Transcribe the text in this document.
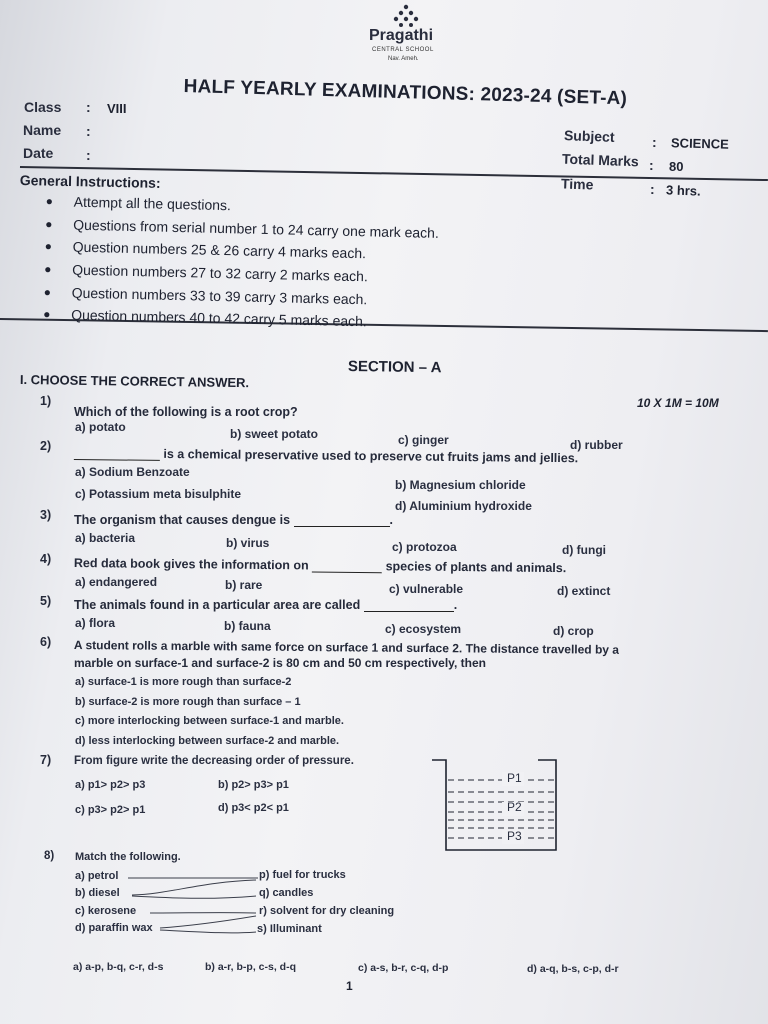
Pragathi
CENTRAL SCHOOL
Nav. Ameh.
HALF YEARLY EXAMINATIONS: 2023-24 (SET-A)
Class : VIII
Name :
Date :
Subject	: SCIENCE
Total Marks : 80
Time	: 3 hrs.
General Instructions:
●	Attempt all the questions.
●	Questions from serial number 1 to 24 carry one mark each.
●	Question numbers 25 & 26 carry 4 marks each.
●	Question numbers 27 to 32 carry 2 marks each.
●	Question numbers 33 to 39 carry 3 marks each.
●	Question numbers 40 to 42 carry 5 marks each.
SECTION – A
I. CHOOSE THE CORRECT ANSWER.
10 X 1M = 10M
1)
Which of the following is a root crop?
a) potato	b) sweet potato	c) ginger	d) rubber
2)
is a chemical preservative used to preserve cut fruits jams and jellies.
a) Sodium Benzoate
b) Magnesium chloride
c) Potassium meta bisulphite
d) Aluminium hydroxide
3) The organism that causes dengue is	.
a) bacteria	b) virus	c) protozoa	d) fungi
4) Red data book gives the information on	species of plants and animals.
a) endangered	b) rare	c) vulnerable	d) extinct
5) The animals found in a particular area are called	.
a) flora	b) fauna	c) ecosystem	d) crop
6) A student rolls a marble with same force on surface 1 and surface 2. The distance travelled by a
marble on surface-1 and surface-2 is 80 cm and 50 cm respectively, then
a) surface-1 is more rough than surface-2
b) surface-2 is more rough than surface – 1
c) more interlocking between surface-1 and marble.
d) less interlocking between surface-2 and marble.
7) From figure write the decreasing order of pressure.
a) p1> p2> p3	b) p2> p3> p1
c) p3> p2> p1	d) p3< p2< p1
P1
P2
P3
8) Match the following.
a) petrol
b) diesel
c) kerosene
d) paraffin wax
p) fuel for trucks
q) candles
r) solvent for dry cleaning
s) Illuminant
a) a-p, b-q, c-r, d-s	b) a-r, b-p, c-s, d-q	c) a-s, b-r, c-q, d-p	d) a-q, b-s, c-p, d-r
1
